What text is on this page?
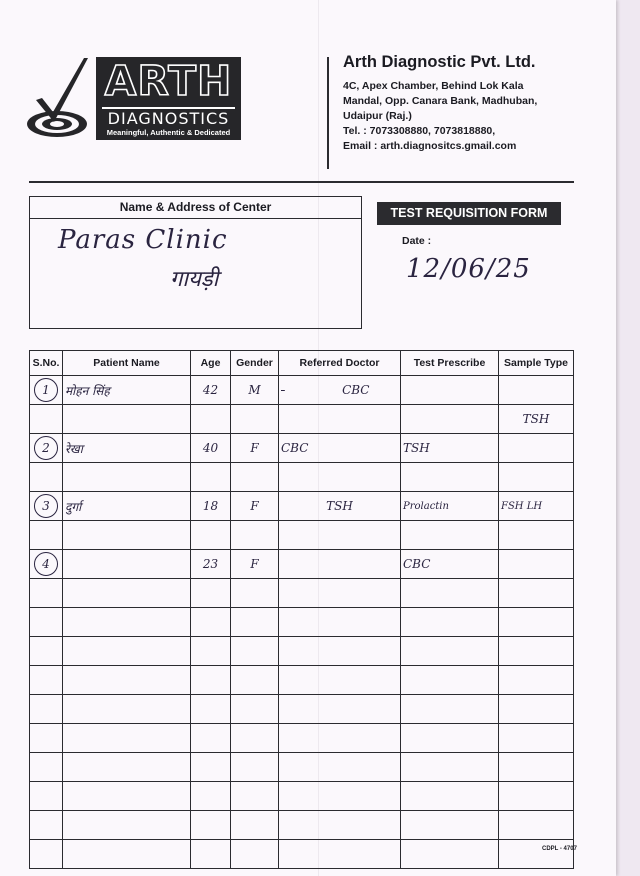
ARTH
DIAGNOSTICS
Meaningful, Authentic & Dedicated
Arth Diagnostic Pvt. Ltd.
4C, Apex Chamber, Behind Lok Kala
Mandal, Opp. Canara Bank, Madhuban,
Udaipur (Raj.)
Tel. : 7073308880, 7073818880,
Email : arth.diagnositcs.gmail.com
Name & Address of Center
Paras Clinic
गायड़ी
TEST REQUISITION FORM
Date :
12/06/25
S.No.	Patient Name	Age	Gender	Referred Doctor	Test Prescribe	Sample Type
1	मोहन सिंह	42	M	CBC		
						TSH
2	रेखा	40	F	CBC	TSH	

3	दुर्गा	18	F	TSH	Prolactin	FSH LH

4		23	F		CBC	

CDPL - 4707
